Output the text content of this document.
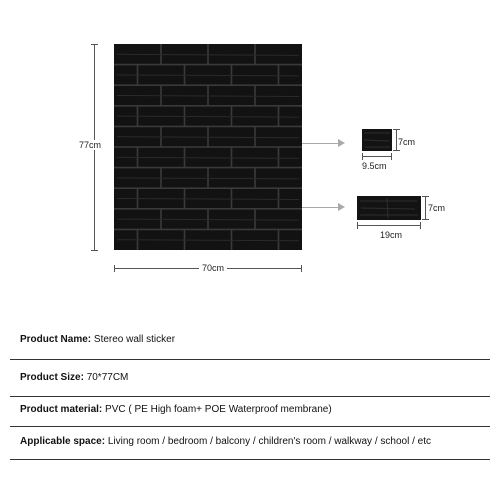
77cm
70cm
7cm
9.5cm
7cm
19cm
Product Name: Stereo wall sticker
Product Size: 70*77CM
Product material: PVC ( PE High foam+ POE Waterproof membrane)
Applicable space: Living room / bedroom / balcony / children's room / walkway / school / etc
